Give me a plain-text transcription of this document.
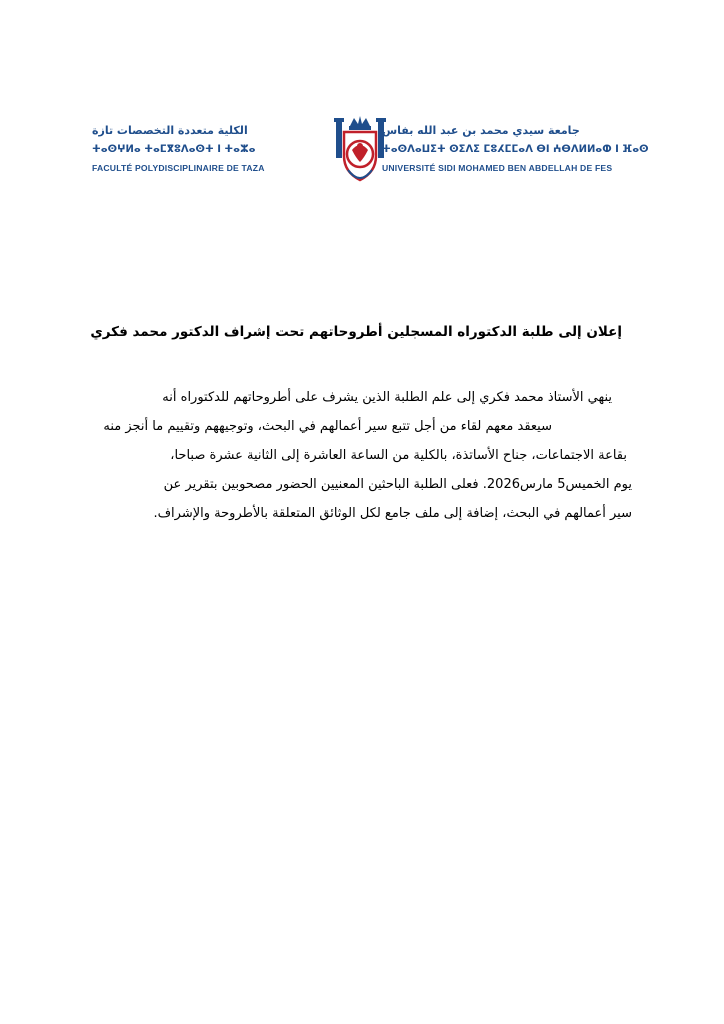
الكلية متعددة التخصصات تازة
ⵜⴰⵙⵖⵍⴰ ⵜⴰⵎⴳⵓⴷⴰⵙⵜ ⵏ ⵜⴰⵣⴰ
FACULTÉ POLYDISCIPLINAIRE DE TAZA
جامعة سيدي محمد بن عبد الله بفاس
ⵜⴰⵙⴷⴰⵡⵉⵜ ⵙⵉⴷⵉ ⵎⵓⵃⵎⵎⴰⴷ ⴱⵏ ⵄⴱⴷⵍⵍⴰⵀ ⵏ ⴼⴰⵙ
UNIVERSITÉ SIDI MOHAMED BEN ABDELLAH DE FES
إعلان إلى طلبة الدكتوراه المسجلين أطروحاتهم تحت إشراف الدكتور محمد فكري
ينهي الأستاذ محمد فكري إلى علم الطلبة الذين يشرف على أطروحاتهم للدكتوراه أنه
سيعقد معهم لقاء من أجل تتبع سير أعمالهم في البحث، وتوجيههم وتقييم ما أنجز منه
بقاعة الاجتماعات، جناح الأساتذة، بالكلية من الساعة العاشرة إلى الثانية عشرة صباحا،
يوم الخميس5 مارس2026. فعلى الطلبة الباحثين المعنيين الحضور مصحوبين بتقرير عن
سير أعمالهم في البحث، إضافة إلى ملف جامع لكل الوثائق المتعلقة بالأطروحة والإشراف.
